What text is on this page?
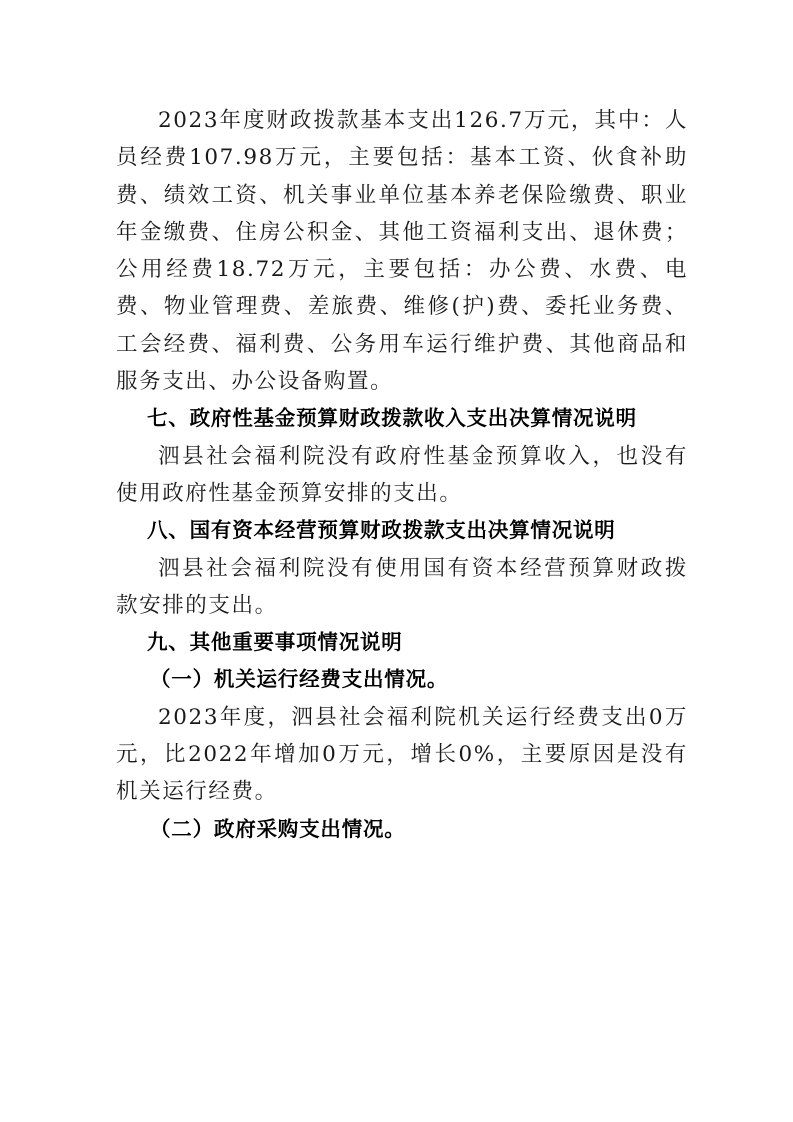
2023年度财政拨款基本支出126.7万元，其中：人员经费107.98万元，主要包括：基本工资、伙食补助费、绩效工资、机关事业单位基本养老保险缴费、职业年金缴费、住房公积金、其他工资福利支出、退休费；公用经费18.72万元，主要包括：办公费、水费、电费、物业管理费、差旅费、维修(护)费、委托业务费、工会经费、福利费、公务用车运行维护费、其他商品和服务支出、办公设备购置。

七、政府性基金预算财政拨款收入支出决算情况说明

泗县社会福利院没有政府性基金预算收入，也没有使用政府性基金预算安排的支出。

八、国有资本经营预算财政拨款支出决算情况说明

泗县社会福利院没有使用国有资本经营预算财政拨款安排的支出。

九、其他重要事项情况说明

（一）机关运行经费支出情况。

2023年度，泗县社会福利院机关运行经费支出0万元，比2022年增加0万元，增长0%，主要原因是没有机关运行经费。

（二）政府采购支出情况。
